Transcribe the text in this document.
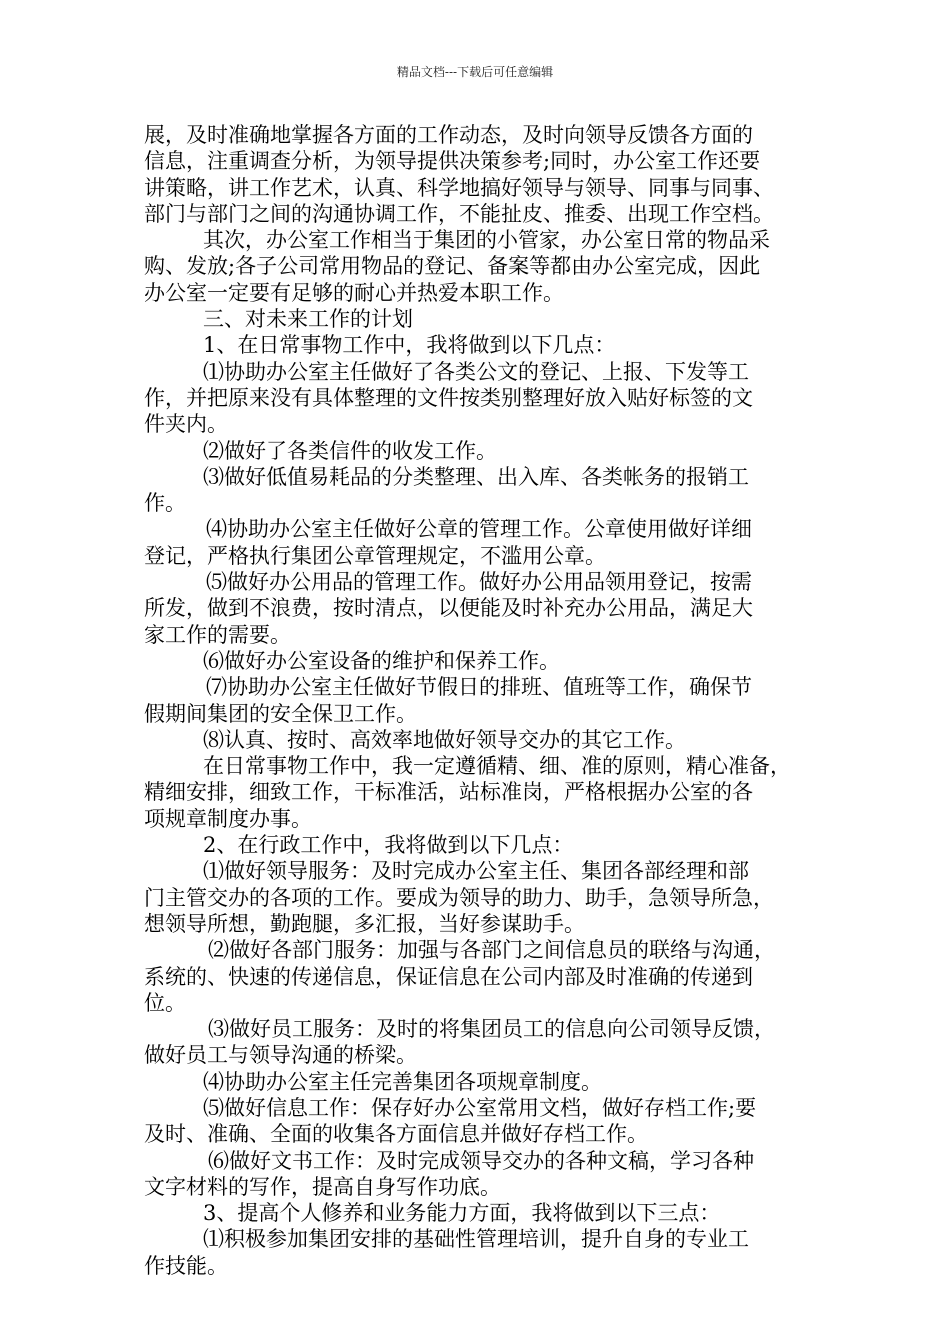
精品文档---下载后可任意编辑
展，及时准确地掌握各方面的工作动态，及时向领导反馈各方面的
信息，注重调查分析，为领导提供决策参考;同时，办公室工作还要
讲策略，讲工作艺术，认真、科学地搞好领导与领导、同事与同事、
部门与部门之间的沟通协调工作，不能扯皮、推委、出现工作空档。
其次，办公室工作相当于集团的小管家，办公室日常的物品采
购、发放;各子公司常用物品的登记、备案等都由办公室完成，因此
办公室一定要有足够的耐心并热爱本职工作。
三、对未来工作的计划
1、在日常事物工作中，我将做到以下几点：
⑴协助办公室主任做好了各类公文的登记、上报、下发等工
作，并把原来没有具体整理的文件按类别整理好放入贴好标签的文
件夹内。
⑵做好了各类信件的收发工作。
⑶做好低值易耗品的分类整理、出入库、各类帐务的报销工
作。
⑷协助办公室主任做好公章的管理工作。公章使用做好详细
登记，严格执行集团公章管理规定，不滥用公章。
⑸做好办公用品的管理工作。做好办公用品领用登记，按需
所发，做到不浪费，按时清点，以便能及时补充办公用品，满足大
家工作的需要。
⑹做好办公室设备的维护和保养工作。
⑺协助办公室主任做好节假日的排班、值班等工作，确保节
假期间集团的安全保卫工作。
⑻认真、按时、高效率地做好领导交办的其它工作。
在日常事物工作中，我一定遵循精、细、准的原则，精心准备，
精细安排，细致工作，干标准活，站标准岗，严格根据办公室的各
项规章制度办事。
2、在行政工作中，我将做到以下几点：
⑴做好领导服务：及时完成办公室主任、集团各部经理和部
门主管交办的各项的工作。要成为领导的助力、助手，急领导所急，
想领导所想，勤跑腿，多汇报，当好参谋助手。
⑵做好各部门服务：加强与各部门之间信息员的联络与沟通，
系统的、快速的传递信息，保证信息在公司内部及时准确的传递到
位。
⑶做好员工服务：及时的将集团员工的信息向公司领导反馈，
做好员工与领导沟通的桥梁。
⑷协助办公室主任完善集团各项规章制度。
⑸做好信息工作：保存好办公室常用文档，做好存档工作;要
及时、准确、全面的收集各方面信息并做好存档工作。
⑹做好文书工作：及时完成领导交办的各种文稿，学习各种
文字材料的写作，提高自身写作功底。
3、提高个人修养和业务能力方面，我将做到以下三点：
⑴积极参加集团安排的基础性管理培训，提升自身的专业工
作技能。
